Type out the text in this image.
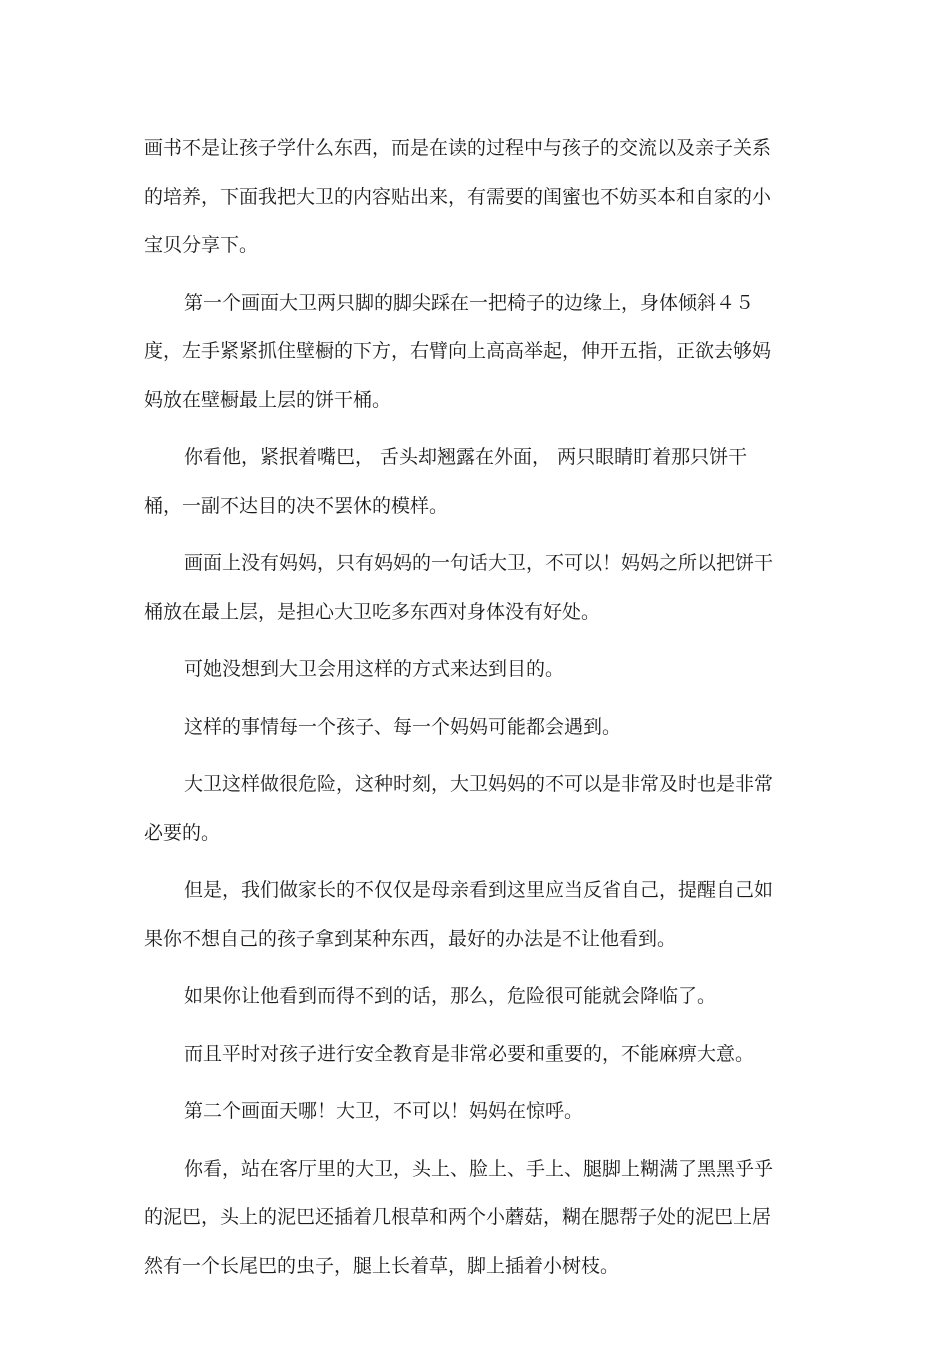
画书不是让孩子学什么东西，而是在读的过程中与孩子的交流以及亲子关系的培养，下面我把大卫的内容贴出来，有需要的闺蜜也不妨买本和自家的小宝贝分享下。

第一个画面大卫两只脚的脚尖踩在一把椅子的边缘上，身体倾斜４５度，左手紧紧抓住壁橱的下方，右臂向上高高举起，伸开五指，正欲去够妈妈放在壁橱最上层的饼干桶。

你看他，紧抿着嘴巴， 舌头却翘露在外面， 两只眼睛盯着那只饼干桶，一副不达目的决不罢休的模样。

画面上没有妈妈，只有妈妈的一句话大卫，不可以！妈妈之所以把饼干桶放在最上层，是担心大卫吃多东西对身体没有好处。

可她没想到大卫会用这样的方式来达到目的。

这样的事情每一个孩子、每一个妈妈可能都会遇到。

大卫这样做很危险，这种时刻，大卫妈妈的不可以是非常及时也是非常必要的。

但是，我们做家长的不仅仅是母亲看到这里应当反省自己，提醒自己如果你不想自己的孩子拿到某种东西，最好的办法是不让他看到。

如果你让他看到而得不到的话，那么，危险很可能就会降临了。

而且平时对孩子进行安全教育是非常必要和重要的，不能麻痹大意。

第二个画面天哪！大卫，不可以！妈妈在惊呼。

你看，站在客厅里的大卫，头上、脸上、手上、腿脚上糊满了黑黑乎乎的泥巴，头上的泥巴还插着几根草和两个小蘑菇，糊在腮帮子处的泥巴上居然有一个长尾巴的虫子，腿上长着草，脚上插着小树枝。
